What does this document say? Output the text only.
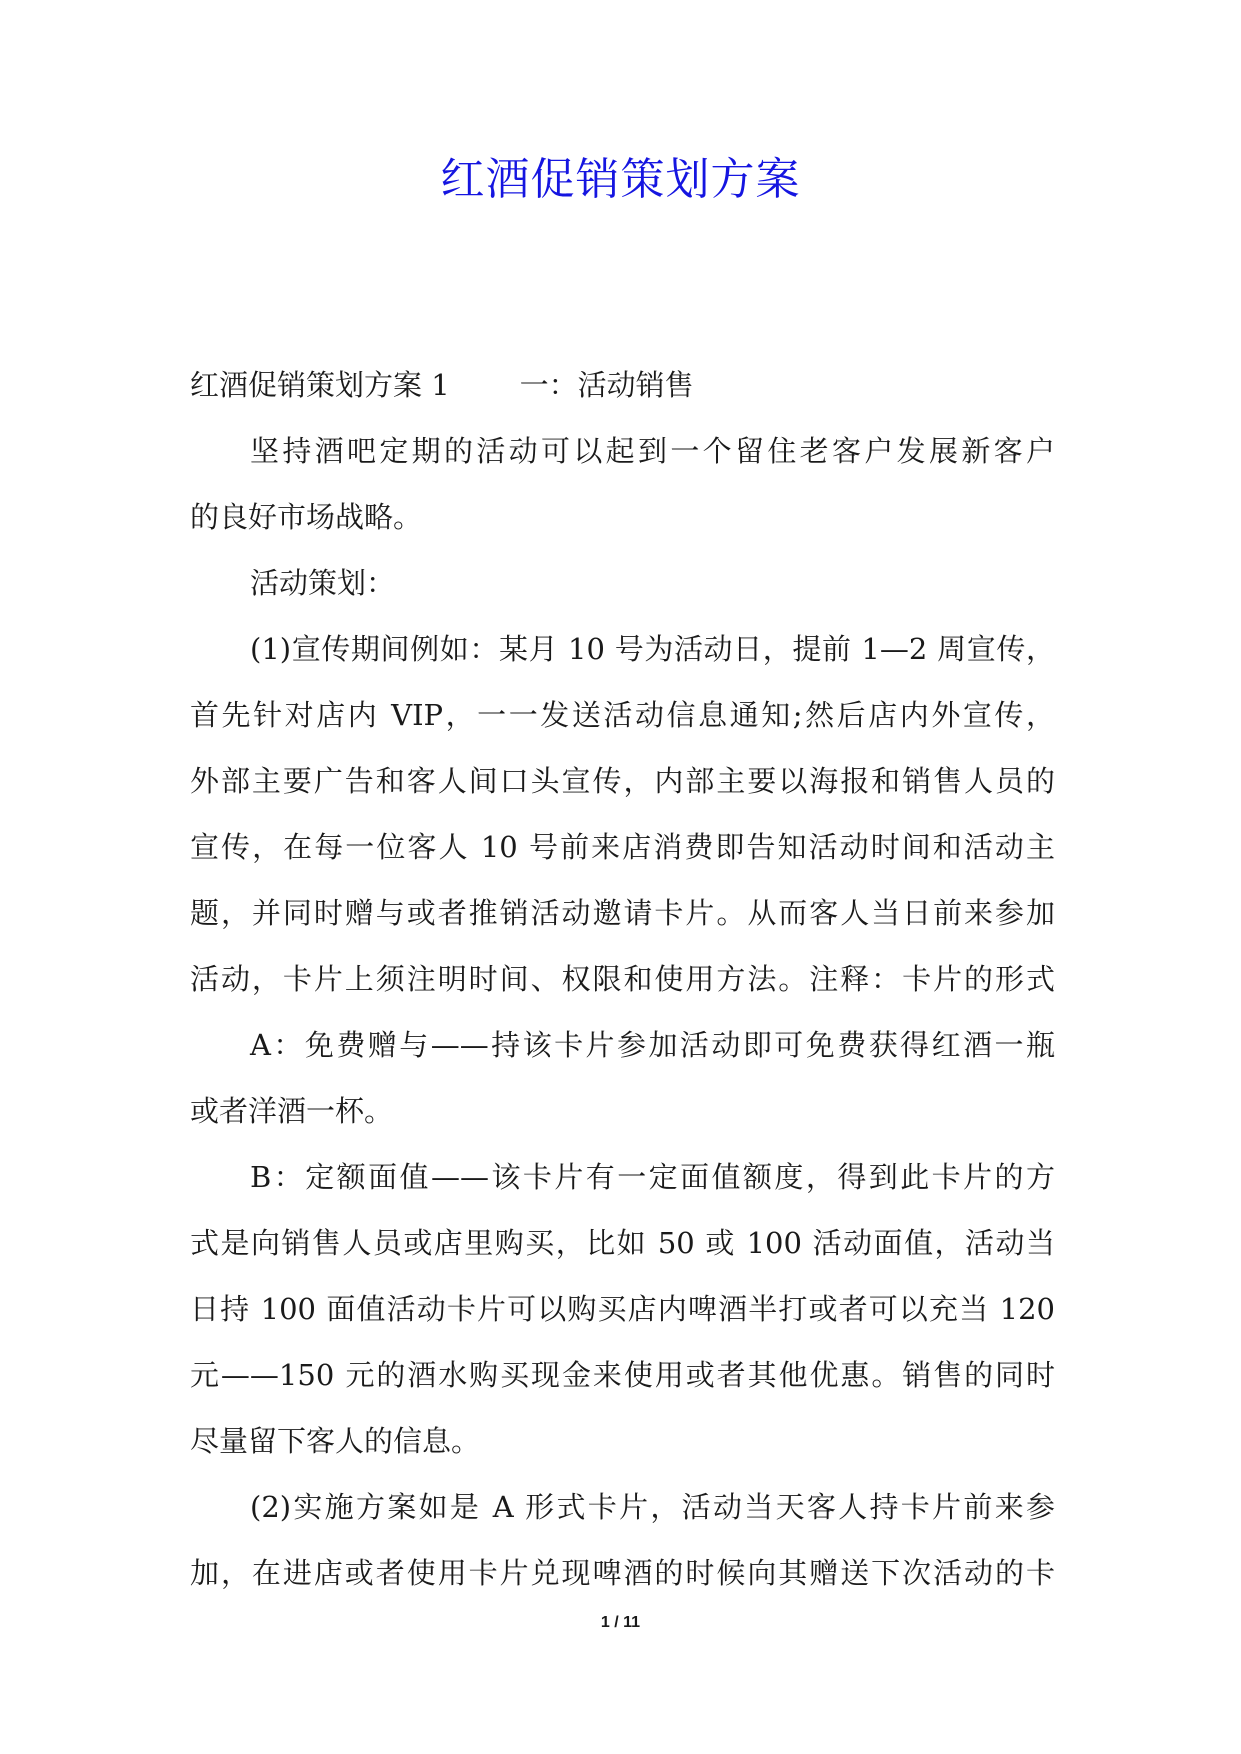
红酒促销策划方案

红酒促销策划方案 1 一：活动销售

坚持酒吧定期的活动可以起到一个留住老客户发展新客户

的良好市场战略。

活动策划：

(1)宣传期间例如：某月 10 号为活动日，提前 1—2 周宣传，

首先针对店内 VIP，一一发送活动信息通知;然后店内外宣传，

外部主要广告和客人间口头宣传，内部主要以海报和销售人员的

宣传，在每一位客人 10 号前来店消费即告知活动时间和活动主

题，并同时赠与或者推销活动邀请卡片。从而客人当日前来参加

活动，卡片上须注明时间、权限和使用方法。注释：卡片的形式

A：免费赠与——持该卡片参加活动即可免费获得红酒一瓶

或者洋酒一杯。

B：定额面值——该卡片有一定面值额度，得到此卡片的方

式是向销售人员或店里购买，比如 50 或 100 活动面值，活动当

日持 100 面值活动卡片可以购买店内啤酒半打或者可以充当 120

元——150 元的酒水购买现金来使用或者其他优惠。销售的同时

尽量留下客人的信息。

(2)实施方案如是 A 形式卡片，活动当天客人持卡片前来参

加，在进店或者使用卡片兑现啤酒的时候向其赠送下次活动的卡

1 / 11
